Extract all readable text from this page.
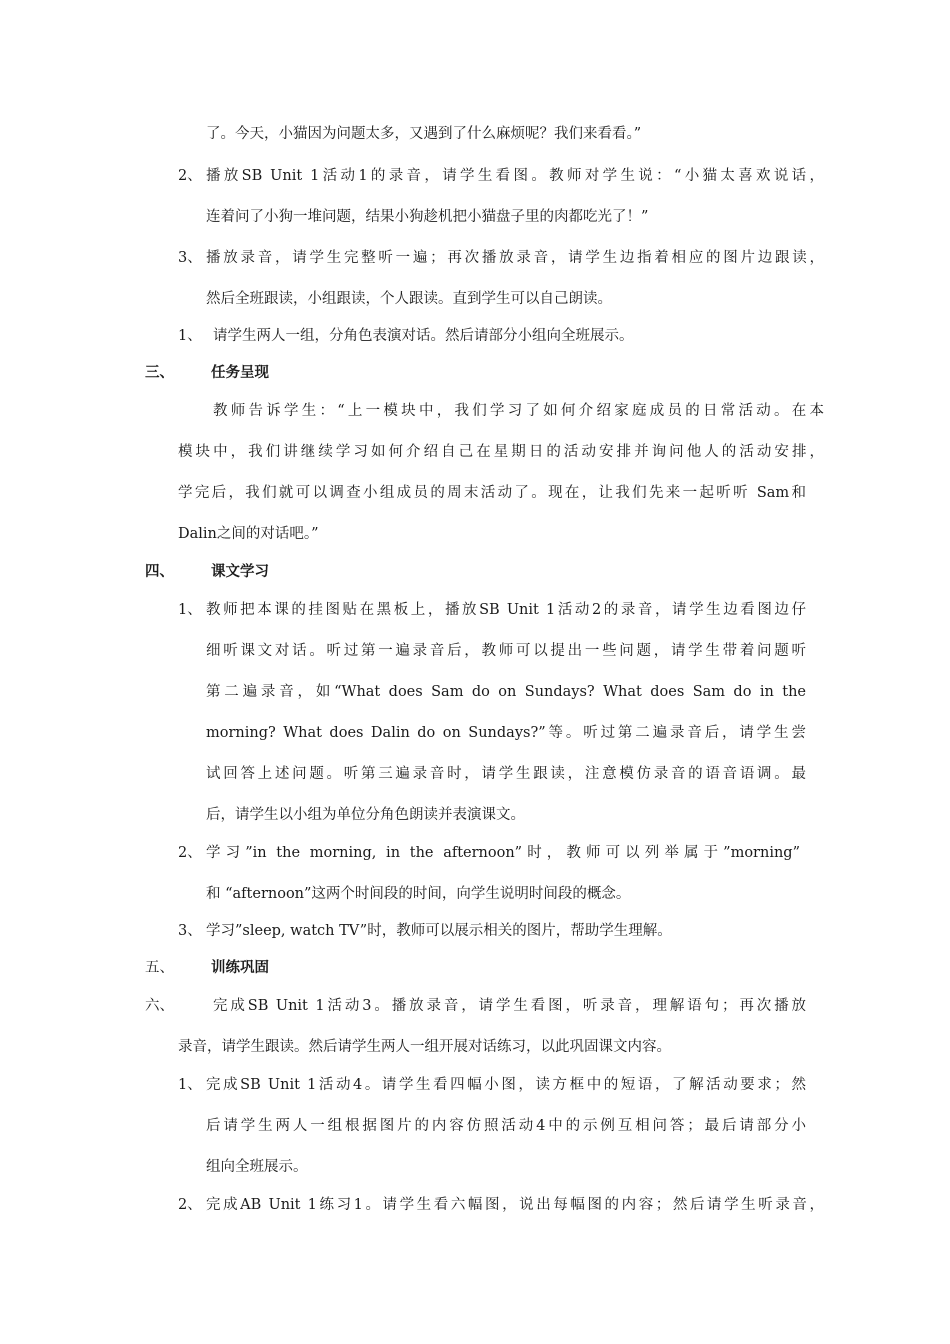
了。今天，小猫因为问题太多，又遇到了什么麻烦呢？我们来看看。”
2、 播放SB Unit 1活动1的录音，请学生看图。教师对学生说：“小猫太喜欢说话，
连着问了小狗一堆问题，结果小狗趁机把小猫盘子里的肉都吃光了！”
3、 播放录音，请学生完整听一遍；再次播放录音，请学生边指着相应的图片边跟读，
然后全班跟读，小组跟读，个人跟读。直到学生可以自己朗读。
1、 请学生两人一组，分角色表演对话。然后请部分小组向全班展示。
三、	任务呈现
教师告诉学生：“上一模块中，我们学习了如何介绍家庭成员的日常活动。在本
模块中，我们讲继续学习如何介绍自己在星期日的活动安排并询问他人的活动安排，
学完后，我们就可以调查小组成员的周末活动了。现在，让我们先来一起听听 Sam和
Dalin之间的对话吧。”
四、	课文学习
1、 教师把本课的挂图贴在黑板上，播放SB Unit 1活动2的录音，请学生边看图边仔
细听课文对话。听过第一遍录音后，教师可以提出一些问题，请学生带着问题听
第二遍录音，如“What does Sam do on Sundays? What does Sam do in the
morning? What does Dalin do on Sundays?”等。听过第二遍录音后，请学生尝
试回答上述问题。听第三遍录音时，请学生跟读，注意模仿录音的语音语调。最
后，请学生以小组为单位分角色朗读并表演课文。
2、 学习”in the morning, in the afternoon”时，教师可以列举属于”morning”
和 “afternoon”这两个时间段的时间，向学生说明时间段的概念。
3、 学习”sleep, watch TV”时，教师可以展示相关的图片，帮助学生理解。
五、	训练巩固
六、	完成SB Unit 1活动3。播放录音，请学生看图，听录音，理解语句；再次播放
录音，请学生跟读。然后请学生两人一组开展对话练习，以此巩固课文内容。
1、 完成SB Unit 1活动4。请学生看四幅小图，读方框中的短语，了解活动要求；然
后请学生两人一组根据图片的内容仿照活动4中的示例互相问答；最后请部分小
组向全班展示。
2、 完成AB Unit 1练习1。请学生看六幅图，说出每幅图的内容；然后请学生听录音，
